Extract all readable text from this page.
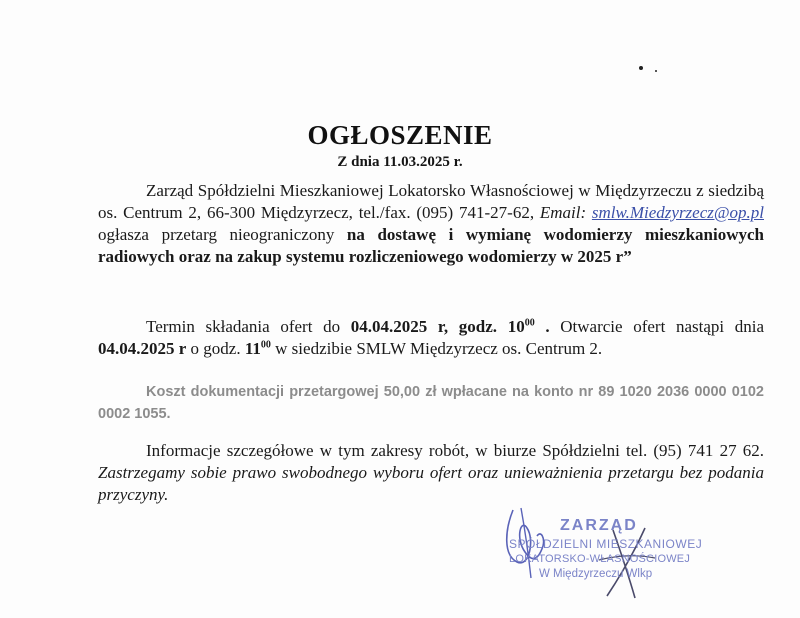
OGŁOSZENIE
Z dnia 11.03.2025 r.
Zarząd Spółdzielni Mieszkaniowej Lokatorsko Własnościowej w Międzyrzeczu z siedzibą os. Centrum 2, 66-300 Międzyrzecz, tel./fax. (095) 741-27-62, Email: smlw.Miedzyrzecz@op.pl ogłasza przetarg nieograniczony na dostawę i wymianę wodomierzy mieszkaniowych radiowych oraz na zakup systemu rozliczeniowego wodomierzy w 2025 r”
Termin składania ofert do 04.04.2025 r, godz. $10^{00}$ . Otwarcie ofert nastąpi dnia 04.04.2025 r o godz. $11^{00}$ w siedzibie SMLW Międzyrzecz os. Centrum 2.
Koszt dokumentacji przetargowej 50,00 zł wpłacane na konto nr 89 1020 2036 0000 0102 0002 1055.
Informacje szczegółowe w tym zakresy robót, w biurze Spółdzielni tel. (95) 741 27 62. Zastrzegamy sobie prawo swobodnego wyboru ofert oraz unieważnienia przetargu bez podania przyczyny.
ZARZĄD
SPÓŁDZIELNI MIESZKANIOWEJ
LOKATORSKO-WŁASNOŚCIOWEJ
W Międzyrzeczu Wlkp
